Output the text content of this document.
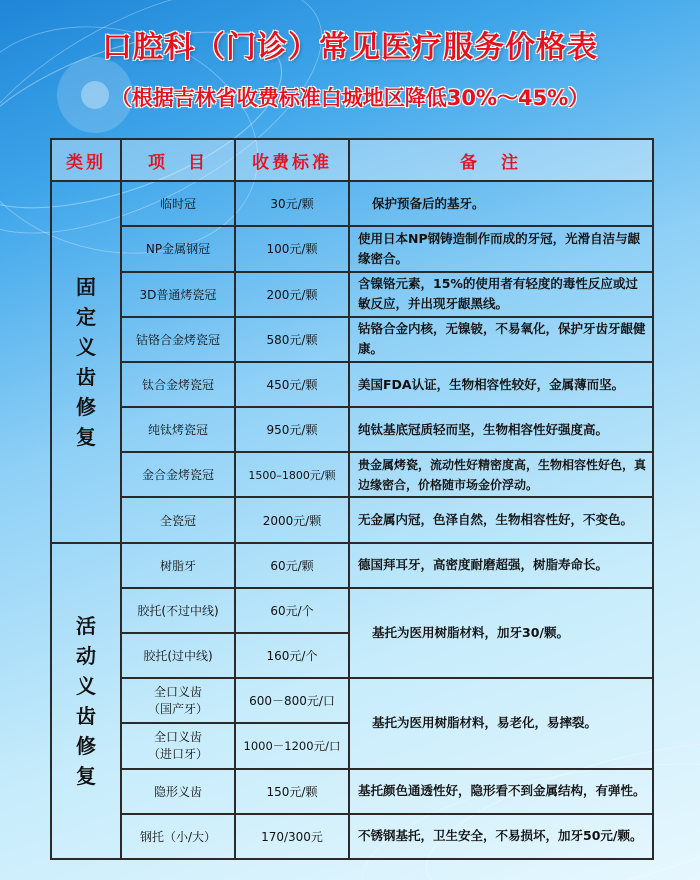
口腔科（门诊）常见医疗服务价格表
（根据吉林省收费标准白城地区降低30%～45%）
类别	项　目	收费标准	备注

固定义齿修复	临时冠	30元/颗	保护预备后的基牙。
	NP金属钢冠	100元/颗	使用日本NP钢铸造制作而成的牙冠，光滑自洁与龈缘密合。
	3D普通烤瓷冠	200元/颗	含镍铬元素，15%的使用者有轻度的毒性反应或过敏反应，并出现牙龈黑线。
	钴铬合金烤瓷冠	580元/颗	钴铬合金内核，无镍铍，不易氧化，保护牙齿牙龈健康。
	钛合金烤瓷冠	450元/颗	美国FDA认证，生物相容性较好，金属薄而坚。
	纯钛烤瓷冠	950元/颗	纯钛基底冠质轻而坚，生物相容性好强度高。
	金合金烤瓷冠	1500–1800元/颗	贵金属烤瓷，流动性好精密度高，生物相容性好色，真边缘密合，价格随市场金价浮动。
	全瓷冠	2000元/颗	无金属内冠，色泽自然，生物相容性好，不变色。

活动义齿修复	树脂牙	60元/颗	德国拜耳牙，高密度耐磨超强，树脂寿命长。
	胶托(不过中线)	60元/个	基托为医用树脂材料，加牙30/颗。
	胶托(过中线)	160元/个	
	全口义齿
（国产牙）	600－800元/口	基托为医用树脂材料，易老化，易摔裂。
	全口义齿
（进口牙）	1000－1200元/口	
	隐形义齿	150元/颗	基托颜色通透性好，隐形看不到金属结构，有弹性。
	钢托（小/大）	170/300元	不锈钢基托，卫生安全，不易损坏，加牙50元/颗。
